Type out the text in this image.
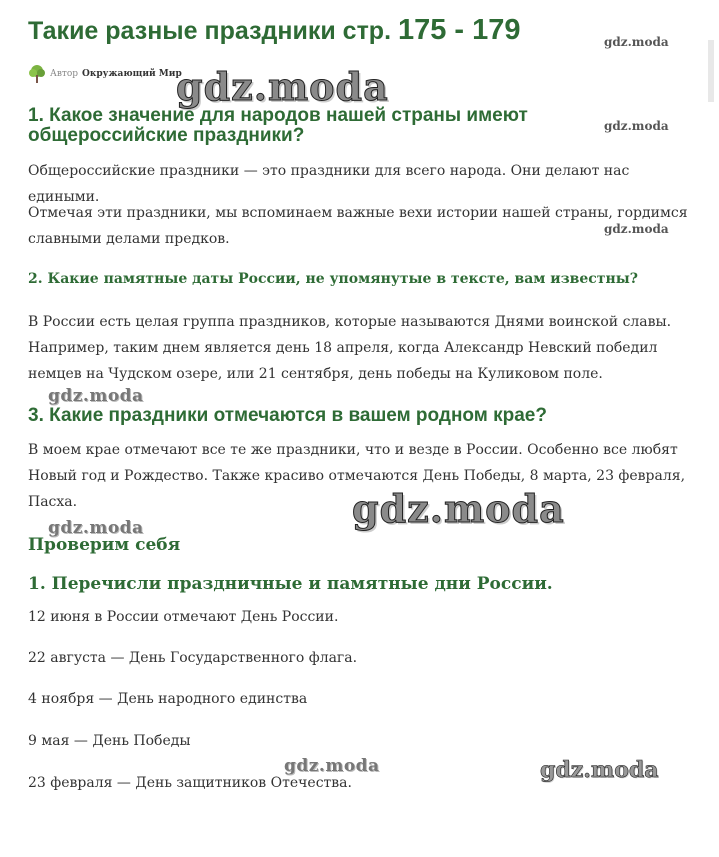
Такие разные праздники стр. 175 - 179
Автор Окружающий Мир
gdz.moda
gdz.moda
gdz.moda
gdz.moda
gdz.moda
gdz.moda
gdz.moda
gdz.moda	gdz.moda
1. Какое значение для народов нашей страны имеют общероссийские праздники?
Общероссийские праздники — это праздники для всего народа. Они делают нас едиными.
Отмечая эти праздники, мы вспоминаем важные вехи истории нашей страны, гордимся славными делами предков.
2. Какие памятные даты России, не упомянутые в тексте, вам известны?
В России есть целая группа праздников, которые называются Днями воинской славы. Например, таким днем является день 18 апреля, когда Александр Невский победил немцев на Чудском озере, или 21 сентября, день победы на Куликовом поле.
3. Какие праздники отмечаются в вашем родном крае?
В моем крае отмечают все те же праздники, что и везде в России. Особенно все любят Новый год и Рождество. Также красиво отмечаются День Победы, 8 марта, 23 февраля, Пасха.
Проверим себя
1. Перечисли праздничные и памятные дни России.
12 июня в России отмечают День России.
22 августа — День Государственного флага.
4 ноября — День народного единства
9 мая — День Победы
23 февраля — День защитников Отечества.
